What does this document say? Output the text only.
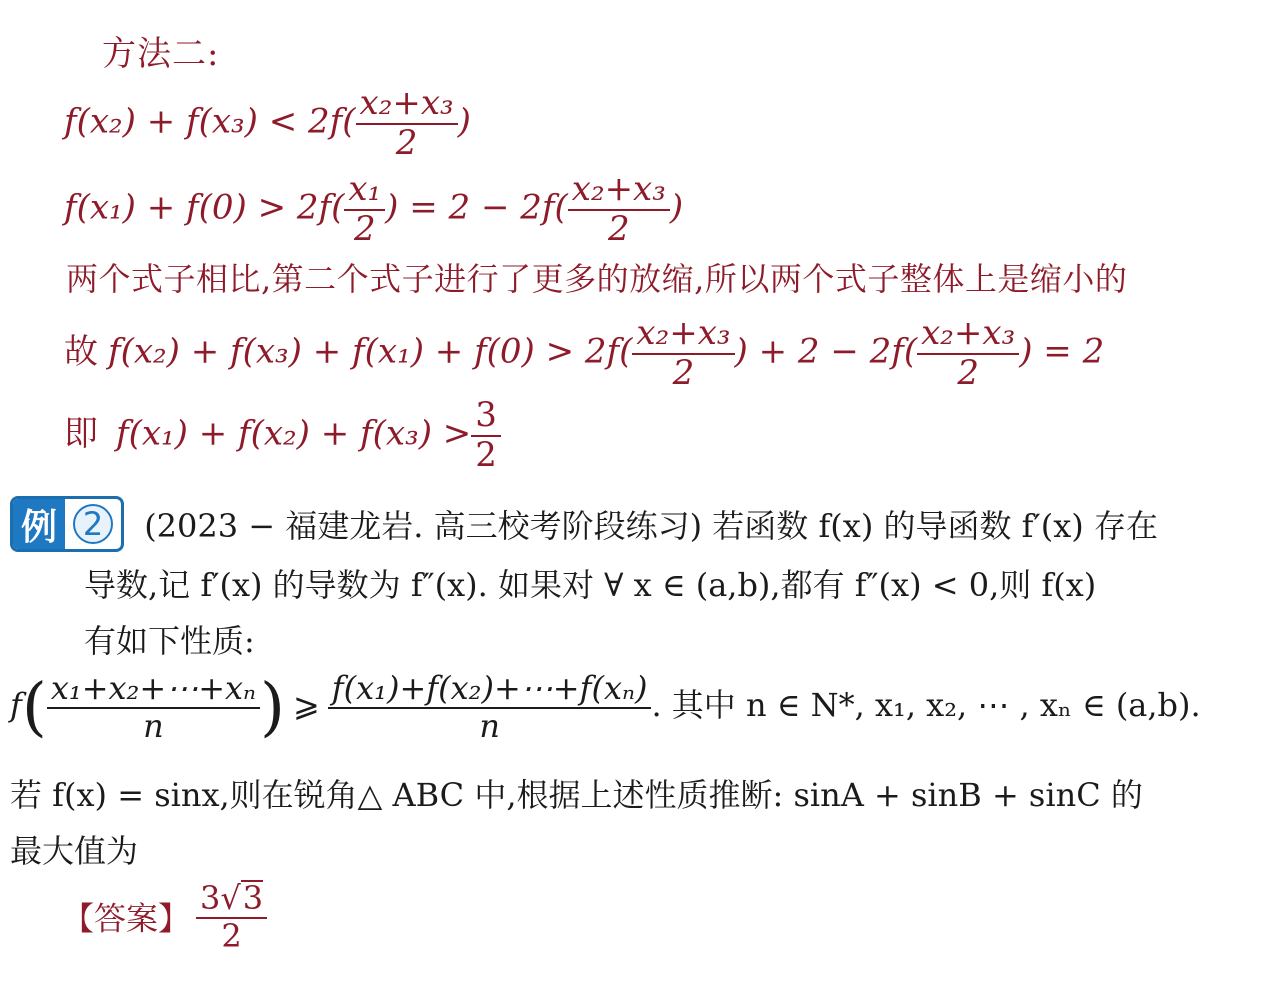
方法二:
$f(x_2) + f(x_3) < 2f( \frac{\text{x₂+x₃}}{2}$ )
$f(x_1) + f(0) > 2f( \frac{\text{x₁}}{2}$ ) = $2 - 2f( \frac{\text{x₂+x₃}}{2}$ )
两个式子相比,第二个式子进行了更多的放缩,所以两个式子整体上是缩小的
故 $f(x_2) + f(x_3) + f(x_1) + f(0) > 2f( \frac{\text{x₂+x₃}}{2}$ ) + $2 - 2f( \frac{\text{x₂+x₃}}{2}$ ) = 2
即 $f(x_1) + f(x_2) + f(x_3) > \frac{3}{2}$
例 2	(2023 − 福建龙岩. 高三校考阶段练习) 若函数 f(x) 的导函数 f′(x) 存在
导数,记 f′(x) 的导数为 f″(x). 如果对 ∀ x ∈ (a,b),都有 f″(x) < 0,则 f(x)
有如下性质:
$f( \frac{\text{x₁+x₂+⋯+xₙ}}{n}$ ) ⩾ $\frac{\text{f(x₁)+f(x₂)+⋯+f(xₙ)}}{n}$ . 其中 n ∈ N*, x₁, x₂, ⋯ , xₙ ∈ (a,b).
若 f(x) = sinx,则在锐角△ ABC 中,根据上述性质推断: sinA + sinB + sinC 的
最大值为
【答案】 $\frac{3√3}{2}$
